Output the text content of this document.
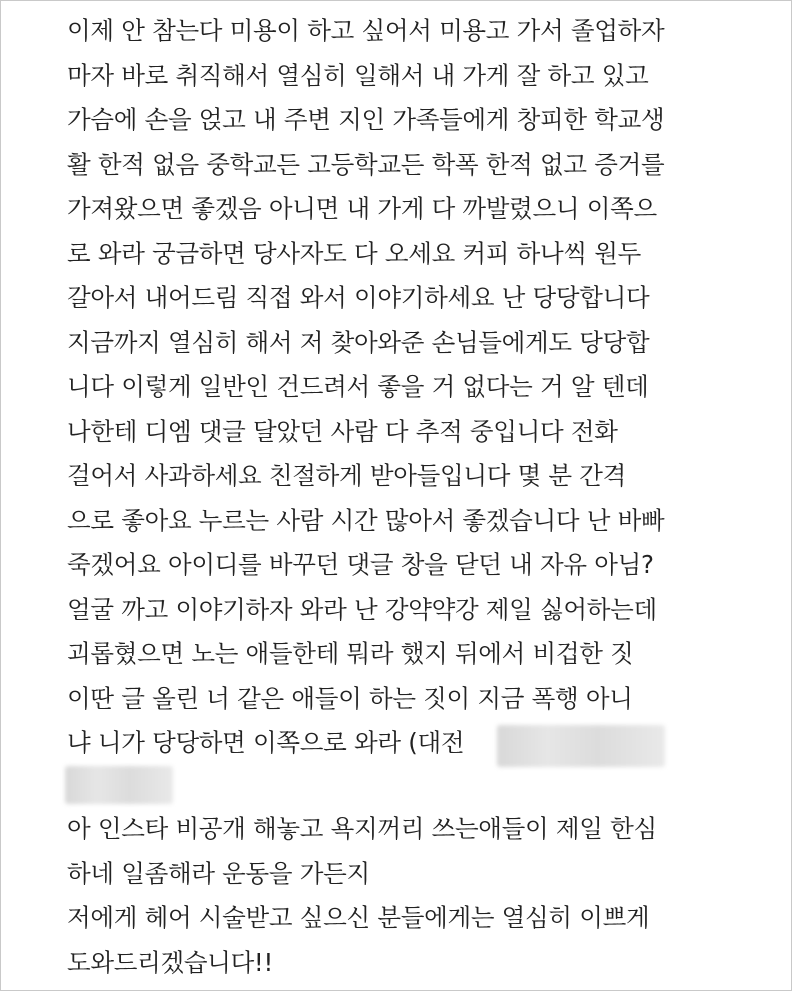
이제 안 참는다 미용이 하고 싶어서 미용고 가서 졸업하자
마자 바로 취직해서 열심히 일해서 내 가게 잘 하고 있고
가슴에 손을 얹고 내 주변 지인 가족들에게 창피한 학교생
활 한적 없음 중학교든 고등학교든 학폭 한적 없고 증거를
가져왔으면 좋겠음 아니면 내 가게 다 까발렸으니 이쪽으
로 와라 궁금하면 당사자도 다 오세요 커피 하나씩 원두
갈아서 내어드림 직접 와서 이야기하세요 난 당당합니다
지금까지 열심히 해서 저 찾아와준 손님들에게도 당당합
니다 이렇게 일반인 건드려서 좋을 거 없다는 거 알 텐데
나한테 디엠 댓글 달았던 사람 다 추적 중입니다 전화
걸어서 사과하세요 친절하게 받아들입니다 몇 분 간격
으로 좋아요 누르는 사람 시간 많아서 좋겠습니다 난 바빠
죽겠어요 아이디를 바꾸던 댓글 창을 닫던 내 자유 아님?
얼굴 까고 이야기하자 와라 난 강약약강 제일 싫어하는데
괴롭혔으면 노는 애들한테 뭐라 했지 뒤에서 비겁한 짓
이딴 글 올린 너 같은 애들이 하는 짓이 지금 폭행 아니
냐 니가 당당하면 이쪽으로 와라 (대전
아 인스타 비공개 해놓고 욕지꺼리 쓰는애들이 제일 한심
하네 일좀해라 운동을 가든지
저에게 헤어 시술받고 싶으신 분들에게는 열심히 이쁘게
도와드리겠습니다!!
